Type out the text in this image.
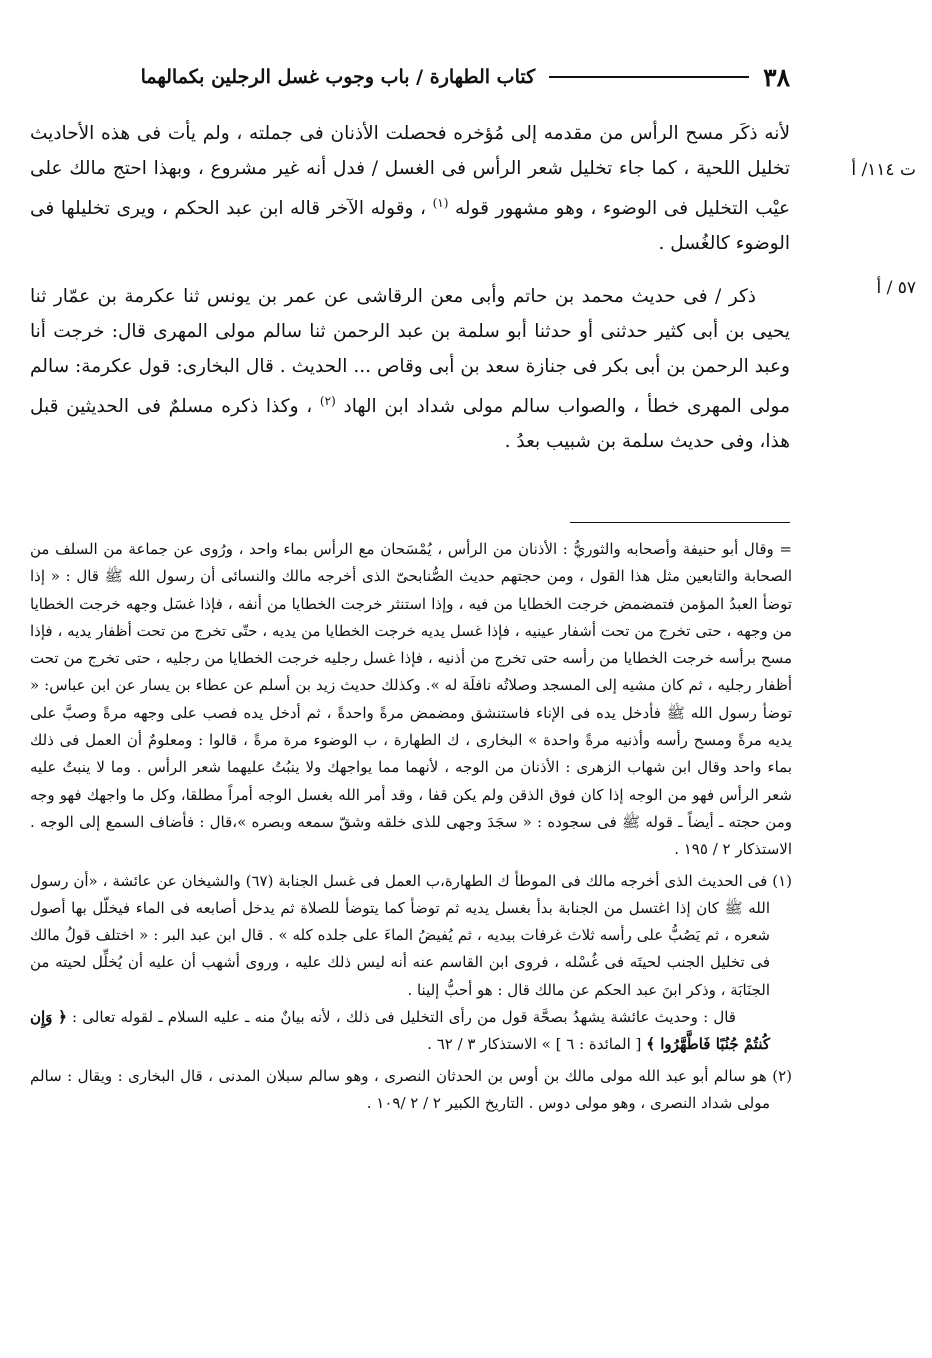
٣٨
كتاب الطهارة / باب وجوب غسل الرجلين بكمالهما
ت ١١٤/ أ
٥٧ / أ

لأنه ذكَر مسح الرأس من مقدمه إلى مُؤخره فحصلت الأذنان فى جملته ، ولم يأت فى هذه الأحاديث تخليل اللحية ، كما جاء تخليل شعر الرأس فى الغسل / فدل أنه غير مشروع ، وبهذا احتج مالك على عيْب التخليل فى الوضوء ، وهو مشهور قوله $^{(١)}$ ، وقوله الآخر قاله ابن عبد الحكم ، ويرى تخليلها فى الوضوء كالغُسل .

ذكر / فى حديث محمد بن حاتم وأبى معن الرقاشى عن عمر بن يونس ثنا عكرمة بن عمّار ثنا يحيى بن أبى كثير حدثنى أو حدثنا أبو سلمة بن عبد الرحمن ثنا سالم مولى المهرى قال: خرجت أنا وعبد الرحمن بن أبى بكر فى جنازة سعد بن أبى وقاص ... الحديث . قال البخارى: قول عكرمة: سالم مولى المهرى خطأ ، والصواب سالم مولى شداد ابن الهاد $^{(٢)}$ ، وكذا ذكره مسلمٌ فى الحديثين قبل هذا، وفى حديث سلمة بن شبيب بعدُ .

= وقال أبو حنيفة وأصحابه والثوريُّ : الأذنان من الرأس ، يُمْسَحان مع الرأس بماء واحد ، ورُوى عن جماعة من السلف من الصحابة والتابعين مثل هذا القول ، ومن حجتهم حديث الصُّنابحىّ الذى أخرجه مالك والنسائى أن رسول الله ﷺ قال : « إذا توضأ العبدُ المؤمن فتمضمض خرجت الخطايا من فيه ، وإذا استنثر خرجت الخطايا من أنفه ، فإذا غسَل وجهه خرجت الخطايا من وجهه ، حتى تخرج من تحت أشفار عينيه ، فإذا غسل يديه خرجت الخطايا من يديه ، حتّى تخرج من تحت أظفار يديه ، فإذا مسح برأسه خرجت الخطايا من رأسه حتى تخرج من أذنيه ، فإذا غسل رجليه خرجت الخطايا من رجليه ، حتى تخرج من تحت أظفار رجليه ، ثم كان مشيه إلى المسجد وصلاتُه نافلَة له ». وكذلك حديث زيد بن أسلم عن عطاء بن يسار عن ابن عباس: « توضأ رسول الله ﷺ فأدخل يده فى الإناء فاستنشق ومضمض مرةً واحدةً ، ثم أدخل يده فصب على وجهه مرةً وصبَّ على يديه مرةً ومسح رأسه وأذنيه مرةً واحدة » البخارى ، ك الطهارة ، ب الوضوء مرة مرةً ، قالوا : ومعلومٌ أن العمل فى ذلك بماء واحد وقال ابن شهاب الزهرى : الأذنان من الوجه ، لأنهما مما يواجهك ولا ينبُتُ عليهما شعر الرأس . وما لا ينبتُ عليه شعر الرأس فهو من الوجه إذا كان فوق الذقن ولم يكن قفا ، وقد أمر الله بغسل الوجه أمراً مطلقا، وكل ما واجهك فهو وجه ومن حجته ـ أيضاً ـ قوله ﷺ فى سجوده : « سجَدَ وجهى للذى خلقه وشقّ سمعه وبصره »،قال : فأضاف السمع إلى الوجه . الاستذكار ٢ / ١٩٥ .

(١) فى الحديث الذى أخرجه مالك فى الموطأ ك الطهارة،ب العمل فى غسل الجنابة (٦٧) والشيخان عن عائشة ، «أن رسول الله ﷺ كان إذا اغتسل من الجنابة بدأ بغسل يديه ثم توضأ كما يتوضأ للصلاة ثم يدخل أصابعه فى الماء فيخلّل بها أصول شعره ، ثم يَصُبُّ على رأسه ثلاث غرفات بيديه ، ثم يُفيضُ الماءَ على جلده كله » . قال ابن عبد البر : « اختلف قولُ مالك فى تخليل الجنب لحيتَه فى غُسْله ، فروى ابن القاسم عنه أنه ليس ذلك عليه ، وروى أشهب أن عليه أن يُخلِّل لحيته من الجنَابَة ، وذكر ابنَ عبد الحكم عن مالك قال : هو أحبُّ إلينا .

قال : وحديث عائشة يشهدُ بصحَّة قول من رأى التخليل فى ذلك ، لأنه بيانٌ منه ـ عليه السلام ـ لقوله تعالى : ﴿ وَإِن كُنتُمْ جُنُبًا فَاطَّهَّرُوا ﴾ [ المائدة : ٦ ] » الاستذكار ٣ / ٦٢ .

(٢) هو سالم أبو عبد الله مولى مالك بن أوس بن الحدثان النصرى ، وهو سالم سبلان المدنى ، قال البخارى : ويقال : سالم مولى شداد النصرى ، وهو مولى دوس . التاريخ الكبير ٢ / ٢ /١٠٩ .
